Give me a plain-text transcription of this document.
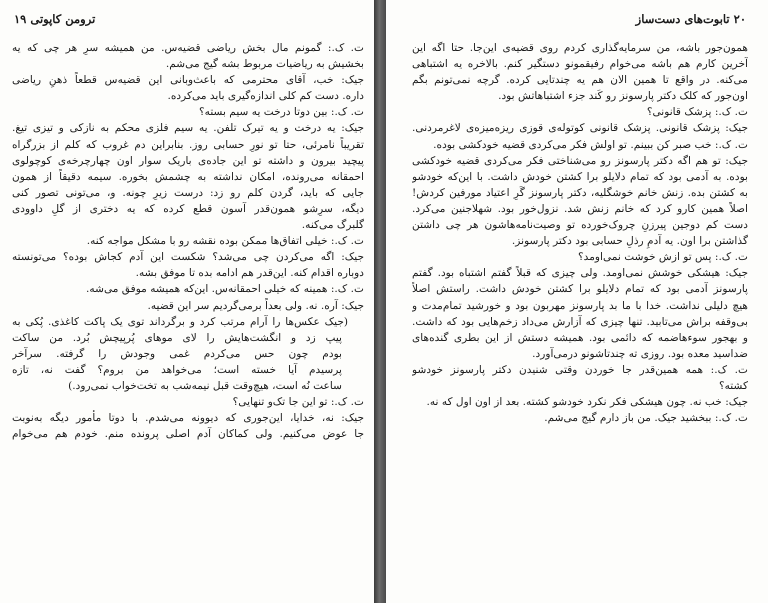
ترومن کاپوتی ۱۹
ت. ک.: گمونم مال بخش ریاضی قضیه‌س. من همیشه سرِ هر چی که یه
بخشیش به ریاضیات مربوط بشه گیج می‌شم.
جیک: خب، آقای محترمی که باعث‌وبانی این قضیه‌س قطعاً ذهنِ ریاضی
داره. دست کم کلی اندازه‌گیری باید می‌کرده.
ت. ک.: بین دوتا درخت یه سیم بسته؟
جیک: یه درخت و یه تیرک تلفن. یه سیم فلزی محکم به نازکی و تیزی تیغ.
تقریباً نامرئی، حتا تو نورِ حسابی روز. بنابراین دم غروب که کلم از بزرگراه
پیچید بیرون و داشته تو این جاده‌ی باریک سوار اون چهارچرخه‌ی کوچولوی
احمقانه می‌رونده، امکان نداشته به چشمش بخوره. سیمه دقیقاً از همون
جایی که باید، گردن کلم رو زد: درست زیرِ چونه. و، می‌تونی تصور کنی
دیگه، سرِشو همون‌قدر آسون قطع کرده که یه دختری از گلِ داوودی
گلبرگ می‌کنه.
ت. ک.: خیلی اتفاق‌ها ممکن بوده نقشه رو با مشکل مواجه کنه.
جیک: اگه می‌کردن چی می‌شد؟ شکست این آدم کجاش بوده؟ می‌تونسته
دوباره اقدام کنه. این‌قدر هم ادامه بده تا موفق بشه.
ت. ک.: همینه که خیلی احمقانه‌س. این‌که همیشه موفق می‌شه.
جیک: آره. نه. ولی بعداً برمی‌گردیم سر این قضیه.
(جیک عکس‌ها را آرام مرتب کرد و برگرداند توی یک پاکت کاغذی. پُکی به
پیپ زد و انگشت‌هایش را لای موهای پُرپیچش بُرد. من ساکت
بودم چون حس می‌کردم غمی وجودش را گرفته. سرآخر
پرسیدم آیا خسته است؛ می‌خواهد من بروم؟ گفت نه، تازه
ساعت نُه است، هیچ‌وقت قبل نیمه‌شب به تخت‌خواب نمی‌رود.)
ت. ک.: تو این جا تک‌و تنهایی؟
جیک: نه، خدایا، این‌جوری که دیوونه می‌شدم. با دوتا مأمور دیگه به‌نوبت
جا عوض می‌کنیم. ولی کماکان آدم اصلی پرونده منم. خودم هم می‌خوام
۲۰ تابوت‌های دست‌ساز
همون‌جور باشه، من سرمایه‌گذاری کردم روی قضیه‌ی این‌جا. حتا اگه این
آخرین کارم هم باشه می‌خوام رفیقمونو دستگیر کنم. بالاخره یه اشتباهی
می‌کنه. در واقع تا همین الان هم یه چندتایی کرده. گرچه نمی‌تونم بگم
اون‌جور که کلک دکتر پارسونز رو کَند جزء اشتباهاتش بود.
ت. ک.: پزشک قانونی؟
جیک: پزشک قانونی. پزشک قانونی کوتوله‌ی قوزی ریزه‌میزه‌ی لاغرمردنی.
ت. ک.: خب صبر کن ببینم. تو اولش فکر می‌کردی قضیه خودکشی بوده.
جیک: تو هم اگه دکتر پارسونز رو می‌شناختی فکر می‌کردی قضیه خودکشی
بوده. به آدمی بود که تمام دلایلو برا کشتن خودش داشت. با این‌که خودشو
به کشتن بده. زنش خانم خوشگلیه، دکتر پارسونز گَرِ اعتیاد مورفین کردش!
اصلاً همین کارو کرد که خانم زنش شد. نزول‌خور بود. شهلاجنین می‌کرد.
دست کم دوجین پیرزنِ چروک‌خورده تو وصیت‌نامه‌هاشون هر چی داشتن
گذاشتن برا اون. یه آدمِ رذلِ حسابی بود دکتر پارسونز.
ت. ک.: پس تو ازش خوشت نمی‌اومد؟
جیک: هیشکی خوشش نمی‌اومد. ولی چیزی که قبلاً گفتم اشتباه بود. گفتم
پارسونز آدمی بود که تمام دلایلو برا کشتن خودش داشت. راستش اصلاً
هیچ دلیلی نداشت. خدا با ما بد پارسونز مهربون بود و خورشید تمام‌مدت و
بی‌وقفه براش می‌تابید. تنها چیزی که آزارش می‌داد زخم‌هایی بود که داشت.
و بهجور سوءهاضمه که دائمی بود. همیشه دستش از این بطری گنده‌های
ضداسید معده بود. روزی ته چندتاشونو درمی‌آورد.
ت. ک.: همه همین‌قدر جا خوردن وقتی شنیدن دکتر پارسونز خودشو
کشته؟
جیک: خب نه. چون هیشکی فکر نکرد خودشو کشته. بعد از اون اول که نه.
ت. ک.: ببخشید جیک. من باز دارم گیج می‌شم.
